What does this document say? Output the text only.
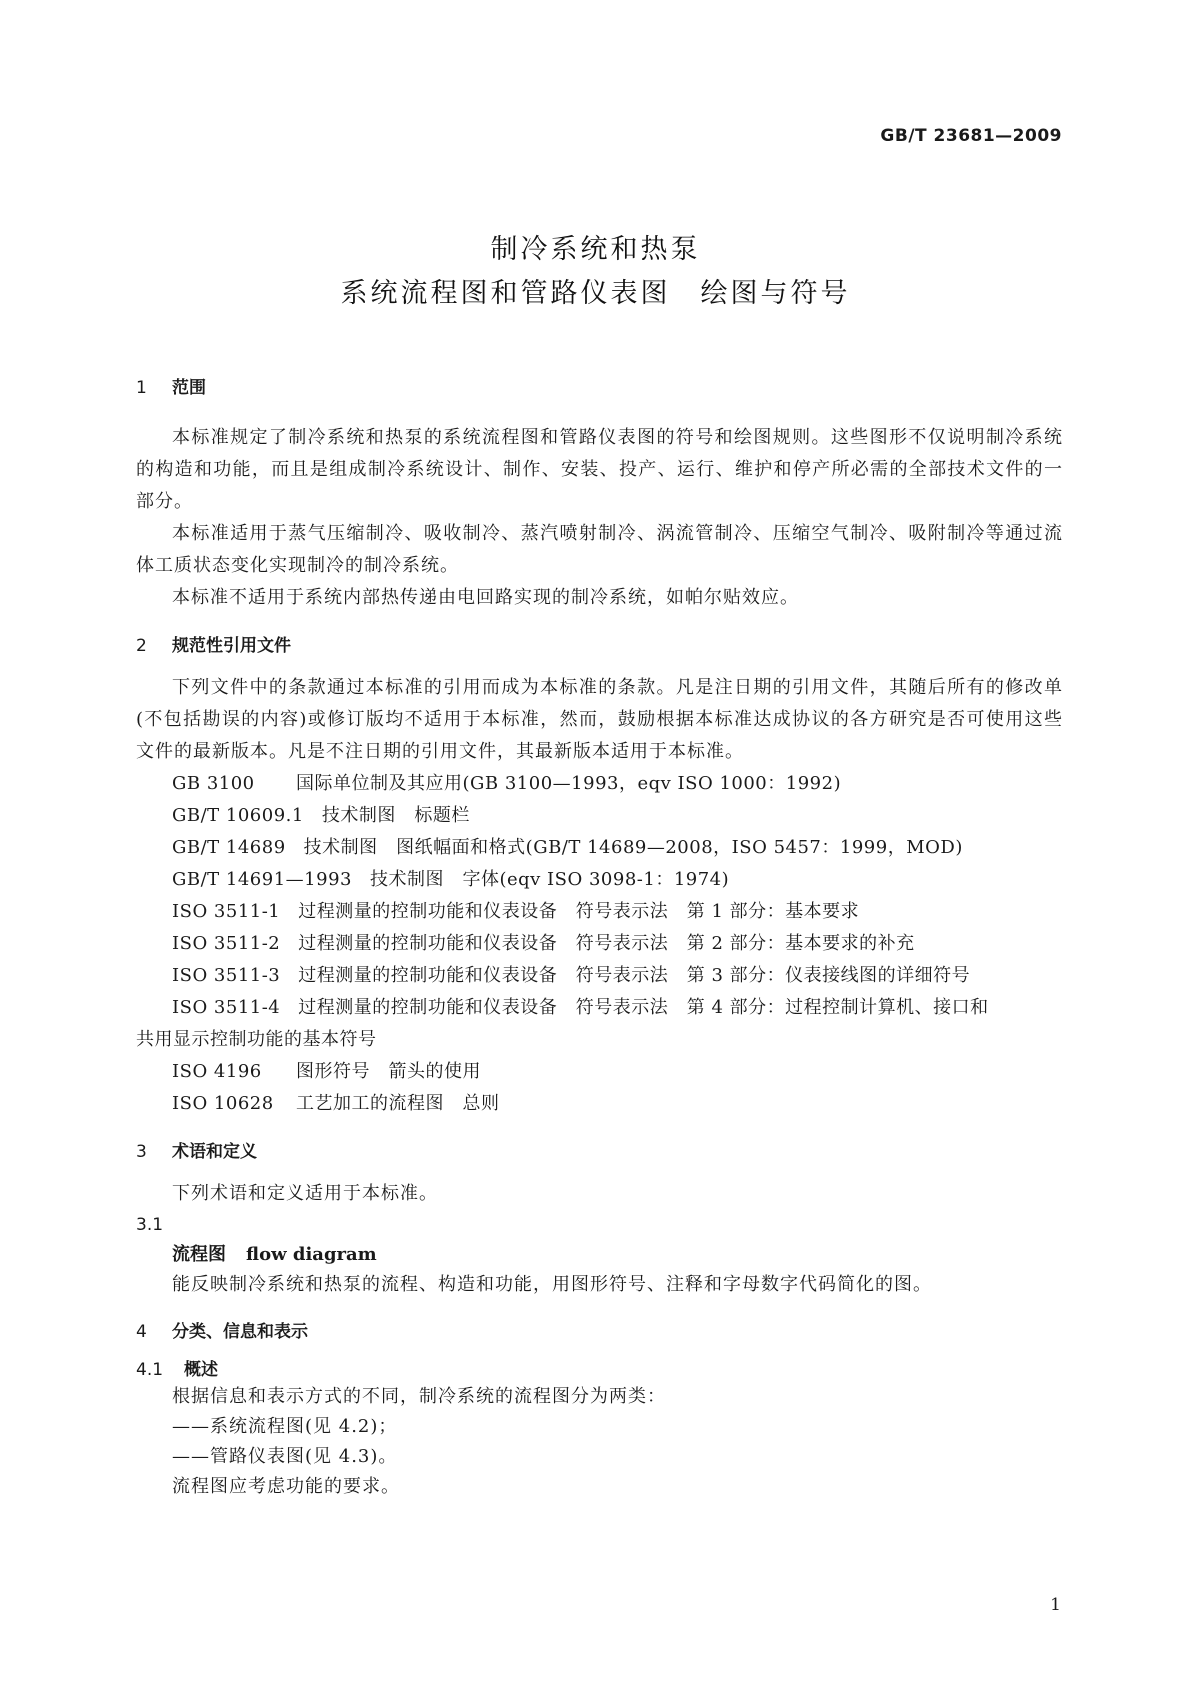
GB/T 23681—2009
制冷系统和热泵
系统流程图和管路仪表图　绘图与符号
1 范围

本标准规定了制冷系统和热泵的系统流程图和管路仪表图的符号和绘图规则。这些图形不仅说明制冷系统的构造和功能，而且是组成制冷系统设计、制作、安装、投产、运行、维护和停产所必需的全部技术文件的一部分。

本标准适用于蒸气压缩制冷、吸收制冷、蒸汽喷射制冷、涡流管制冷、压缩空气制冷、吸附制冷等通过流体工质状态变化实现制冷的制冷系统。

本标准不适用于系统内部热传递由电回路实现的制冷系统，如帕尔贴效应。

2 规范性引用文件

下列文件中的条款通过本标准的引用而成为本标准的条款。凡是注日期的引用文件，其随后所有的修改单(不包括勘误的内容)或修订版均不适用于本标准，然而，鼓励根据本标准达成协议的各方研究是否可使用这些文件的最新版本。凡是不注日期的引用文件，其最新版本适用于本标准。

GB 3100 国际单位制及其应用(GB 3100—1993，eqv ISO 1000：1992)

GB/T 10609.1 技术制图　标题栏

GB/T 14689 技术制图　图纸幅面和格式(GB/T 14689—2008，ISO 5457：1999，MOD)

GB/T 14691—1993 技术制图　字体(eqv ISO 3098-1：1974)

ISO 3511-1 过程测量的控制功能和仪表设备　符号表示法　第 1 部分：基本要求

ISO 3511-2 过程测量的控制功能和仪表设备　符号表示法　第 2 部分：基本要求的补充

ISO 3511-3 过程测量的控制功能和仪表设备　符号表示法　第 3 部分：仪表接线图的详细符号

ISO 3511-4 过程测量的控制功能和仪表设备　符号表示法　第 4 部分：过程控制计算机、接口和
共用显示控制功能的基本符号

ISO 4196 图形符号　箭头的使用

ISO 10628 工艺加工的流程图　总则

3 术语和定义

下列术语和定义适用于本标准。

3.1

流程图 flow diagram

能反映制冷系统和热泵的流程、构造和功能，用图形符号、注释和字母数字代码简化的图。

4 分类、信息和表示
4.1 概述

根据信息和表示方式的不同，制冷系统的流程图分为两类：

——系统流程图(见 4.2)；

——管路仪表图(见 4.3)。

流程图应考虑功能的要求。

1
